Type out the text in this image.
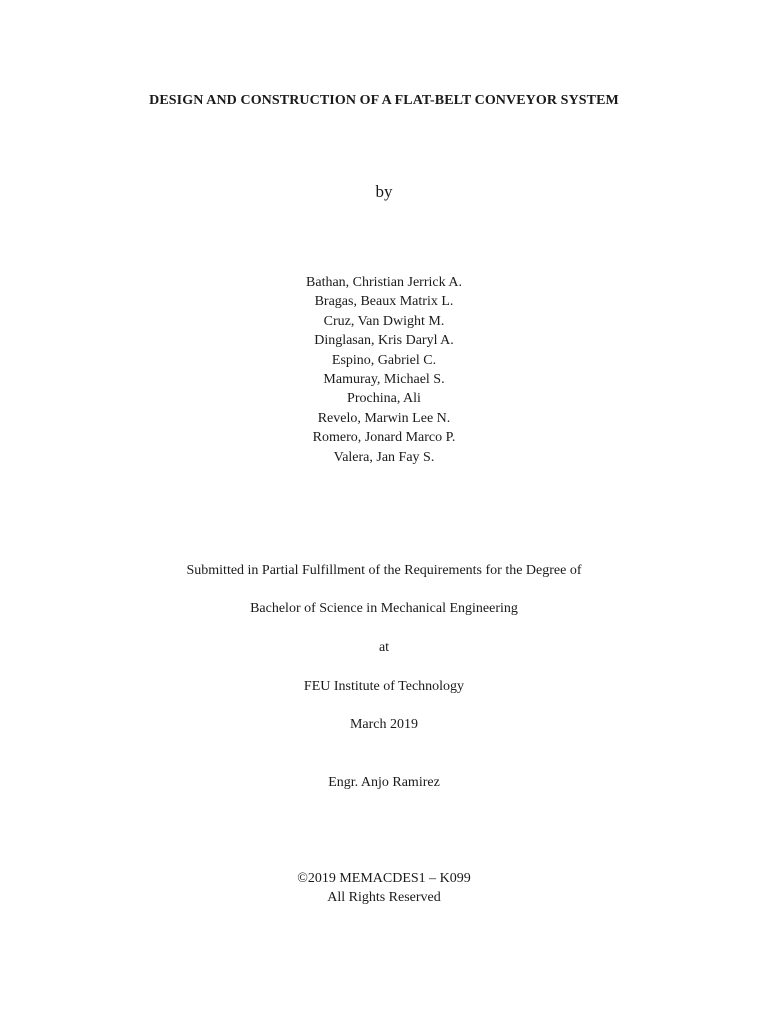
DESIGN AND CONSTRUCTION OF A FLAT-BELT CONVEYOR SYSTEM
by
Bathan, Christian Jerrick A.
Bragas, Beaux Matrix L.
Cruz, Van Dwight M.
Dinglasan, Kris Daryl A.
Espino, Gabriel C.
Mamuray, Michael S.
Prochina, Ali
Revelo, Marwin Lee N.
Romero, Jonard Marco P.
Valera, Jan Fay S.
Submitted in Partial Fulfillment of the Requirements for the Degree of
Bachelor of Science in Mechanical Engineering
at
FEU Institute of Technology
March 2019
Engr. Anjo Ramirez
©2019 MEMACDES1 – K099
All Rights Reserved
